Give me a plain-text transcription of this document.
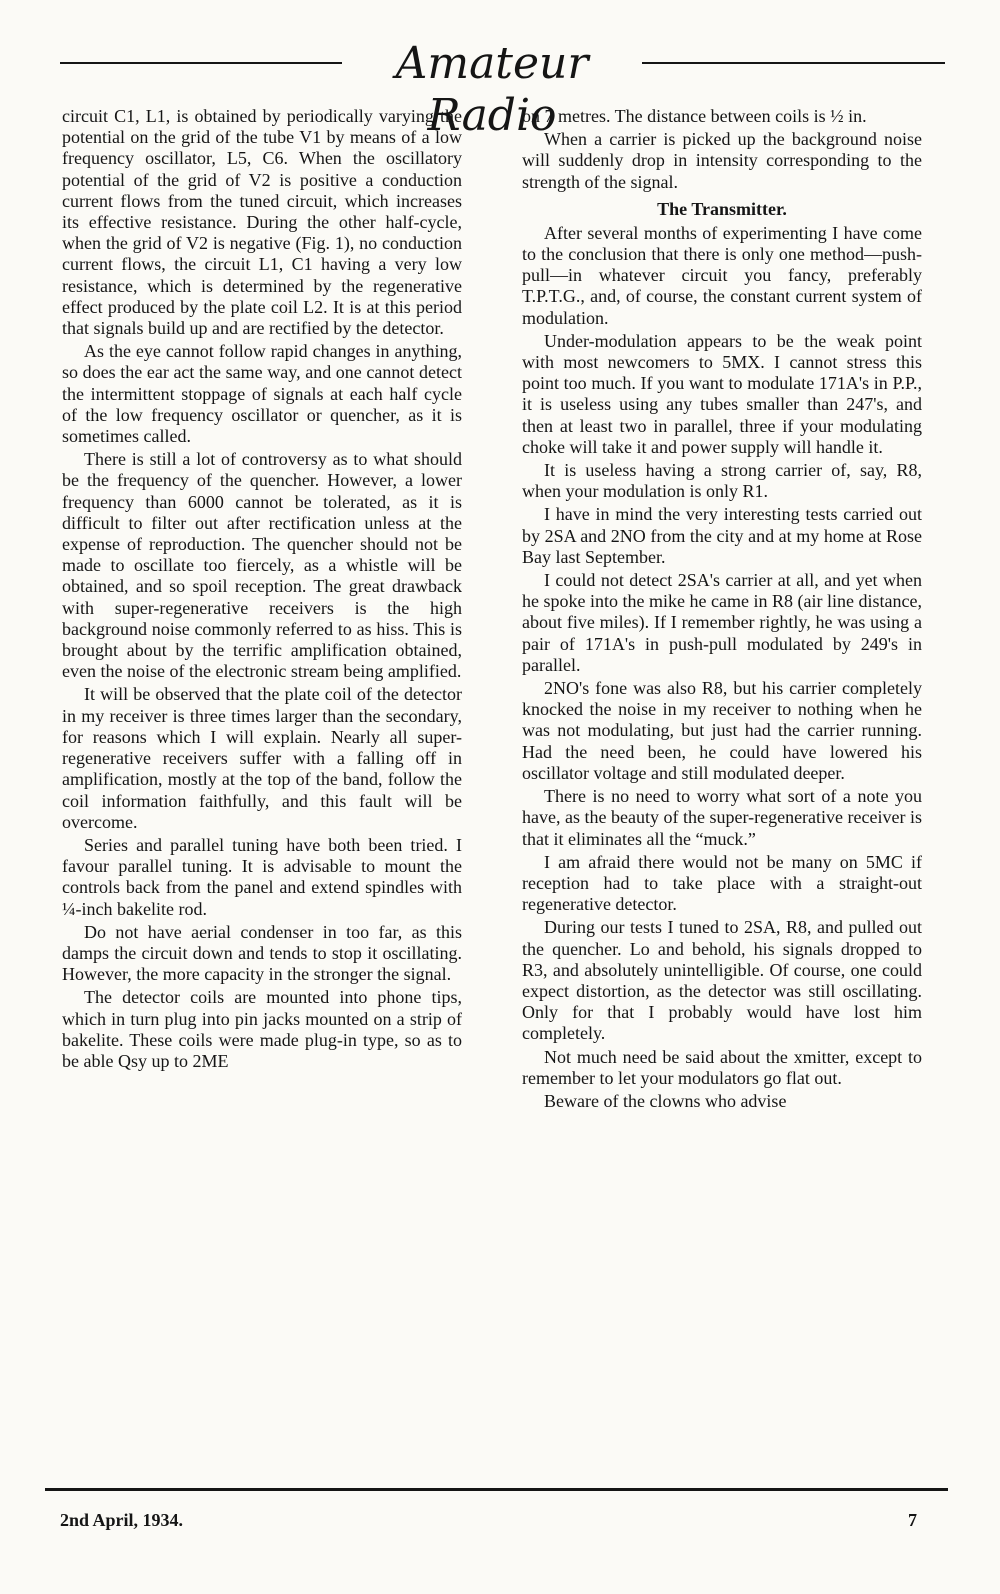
Amateur Radio

circuit C1, L1, is obtained by periodically varying the potential on the grid of the tube V1 by means of a low frequency oscillator, L5, C6. When the oscillatory potential of the grid of V2 is positive a conduction current flows from the tuned circuit, which increases its effective resistance. During the other half-cycle, when the grid of V2 is negative (Fig. 1), no conduction current flows, the circuit L1, C1 having a very low resistance, which is determined by the regenerative effect produced by the plate coil L2. It is at this period that signals build up and are rectified by the detector.

As the eye cannot follow rapid changes in anything, so does the ear act the same way, and one cannot detect the intermittent stoppage of signals at each half cycle of the low frequency oscillator or quencher, as it is sometimes called.

There is still a lot of controversy as to what should be the frequency of the quencher. However, a lower frequency than 6000 cannot be tolerated, as it is difficult to filter out after rectification unless at the expense of reproduction. The quencher should not be made to oscillate too fiercely, as a whistle will be obtained, and so spoil reception. The great drawback with super-regenerative receivers is the high background noise commonly referred to as hiss. This is brought about by the terrific amplification obtained, even the noise of the electronic stream being amplified.

It will be observed that the plate coil of the detector in my receiver is three times larger than the secondary, for reasons which I will explain. Nearly all super-regenerative receivers suffer with a falling off in amplification, mostly at the top of the band, follow the coil information faithfully, and this fault will be overcome.

Series and parallel tuning have both been tried. I favour parallel tuning. It is advisable to mount the controls back from the panel and extend spindles with ¼-inch bakelite rod.

Do not have aerial condenser in too far, as this damps the circuit down and tends to stop it oscillating. However, the more capacity in the stronger the signal.

The detector coils are mounted into phone tips, which in turn plug into pin jacks mounted on a strip of bakelite. These coils were made plug-in type, so as to be able Qsy up to 2ME

on 7 metres. The distance between coils is ½ in.

When a carrier is picked up the background noise will suddenly drop in intensity corresponding to the strength of the signal.

The Transmitter.

After several months of experimenting I have come to the conclusion that there is only one method—push-pull—in whatever circuit you fancy, preferably T.P.T.G., and, of course, the constant current system of modulation.

Under-modulation appears to be the weak point with most newcomers to 5MX. I cannot stress this point too much. If you want to modulate 171A's in P.P., it is useless using any tubes smaller than 247's, and then at least two in parallel, three if your modulating choke will take it and power supply will handle it.

It is useless having a strong carrier of, say, R8, when your modulation is only R1.

I have in mind the very interesting tests carried out by 2SA and 2NO from the city and at my home at Rose Bay last September.

I could not detect 2SA's carrier at all, and yet when he spoke into the mike he came in R8 (air line distance, about five miles). If I remember rightly, he was using a pair of 171A's in push-pull modulated by 249's in parallel.

2NO's fone was also R8, but his carrier completely knocked the noise in my receiver to nothing when he was not modulating, but just had the carrier running. Had the need been, he could have lowered his oscillator voltage and still modulated deeper.

There is no need to worry what sort of a note you have, as the beauty of the super-regenerative receiver is that it eliminates all the “muck.”

I am afraid there would not be many on 5MC if reception had to take place with a straight-out regenerative detector.

During our tests I tuned to 2SA, R8, and pulled out the quencher. Lo and behold, his signals dropped to R3, and absolutely unintelligible. Of course, one could expect distortion, as the detector was still oscillating. Only for that I probably would have lost him completely.

Not much need be said about the xmitter, except to remember to let your modulators go flat out.

Beware of the clowns who advise

2nd April, 1934.	7
